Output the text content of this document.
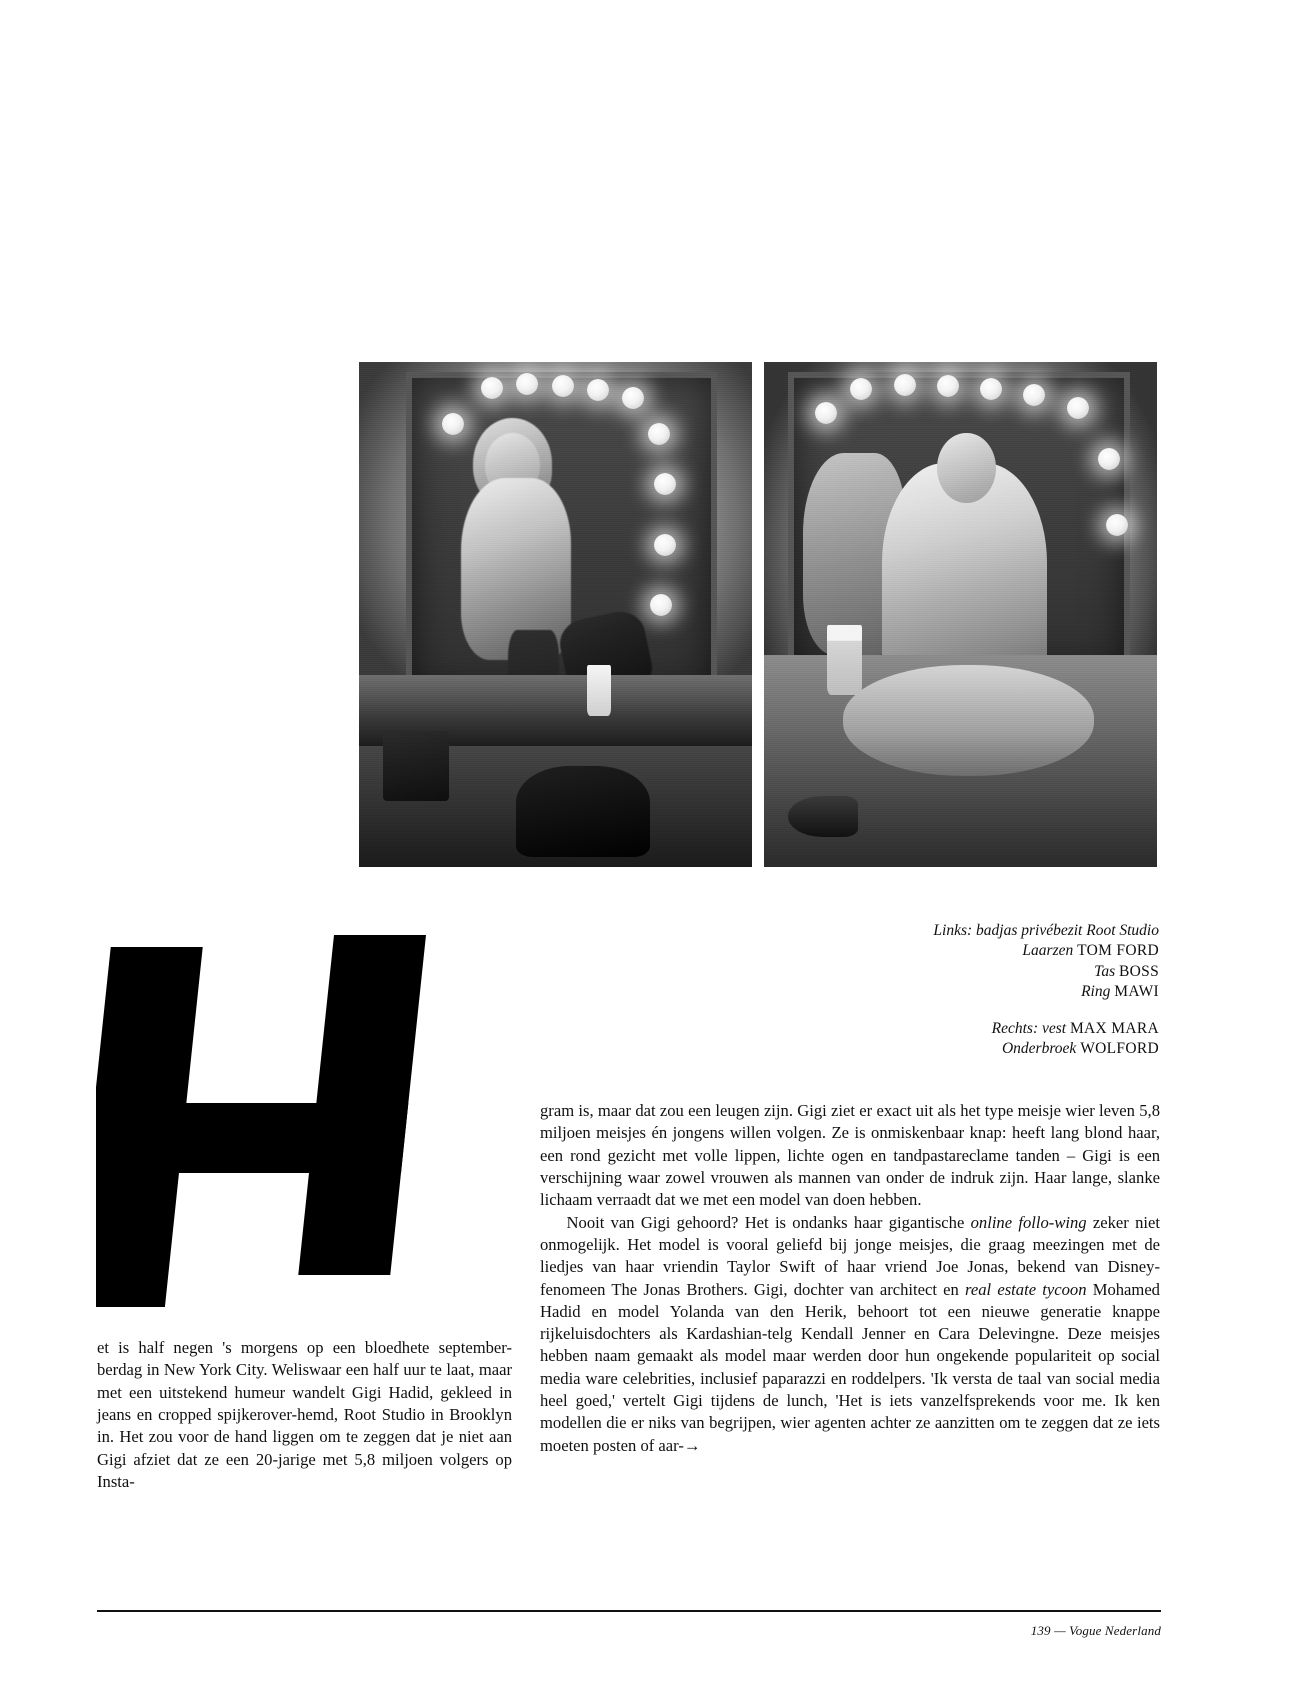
Links: badjas privébezit Root Studio
Laarzen TOM FORD
Tas BOSS
Ring MAWI
Rechts: vest MAX MARA
Onderbroek WOLFORD

et is half negen 's morgens op een bloedhete september- berdag in New York City. Weliswaar een half uur te laat, maar met een uitstekend humeur wandelt Gigi Hadid, gekleed in jeans en cropped spijkerover-hemd, Root Studio in Brooklyn in. Het zou voor de hand liggen om te zeggen dat je niet aan Gigi afziet dat ze een 20-jarige met 5,8 miljoen volgers op Insta-

gram is, maar dat zou een leugen zijn. Gigi ziet er exact uit als het type meisje wier leven 5,8 miljoen meisjes én jongens willen volgen. Ze is onmiskenbaar knap: heeft lang blond haar, een rond gezicht met volle lippen, lichte ogen en tandpastareclame tanden – Gigi is een verschijning waar zowel vrouwen als mannen van onder de indruk zijn. Haar lange, slanke lichaam verraadt dat we met een model van doen hebben.

Nooit van Gigi gehoord? Het is ondanks haar gigantische online follo-wing zeker niet onmogelijk. Het model is vooral geliefd bij jonge meisjes, die graag meezingen met de liedjes van haar vriendin Taylor Swift of haar vriend Joe Jonas, bekend van Disney-fenomeen The Jonas Brothers. Gigi, dochter van architect en real estate tycoon Mohamed Hadid en model Yolanda van den Herik, behoort tot een nieuwe generatie knappe rijkeluisdochters als Kardashian-telg Kendall Jenner en Cara Delevingne. Deze meisjes hebben naam gemaakt als model maar werden door hun ongekende populariteit op social media ware celebrities, inclusief paparazzi en roddelpers. 'Ik versta de taal van social media heel goed,' vertelt Gigi tijdens de lunch, 'Het is iets vanzelfsprekends voor me. Ik ken modellen die er niks van begrijpen, wier agenten achter ze aanzitten om te zeggen dat ze iets moeten posten of aar-→

139 — Vogue Nederland
